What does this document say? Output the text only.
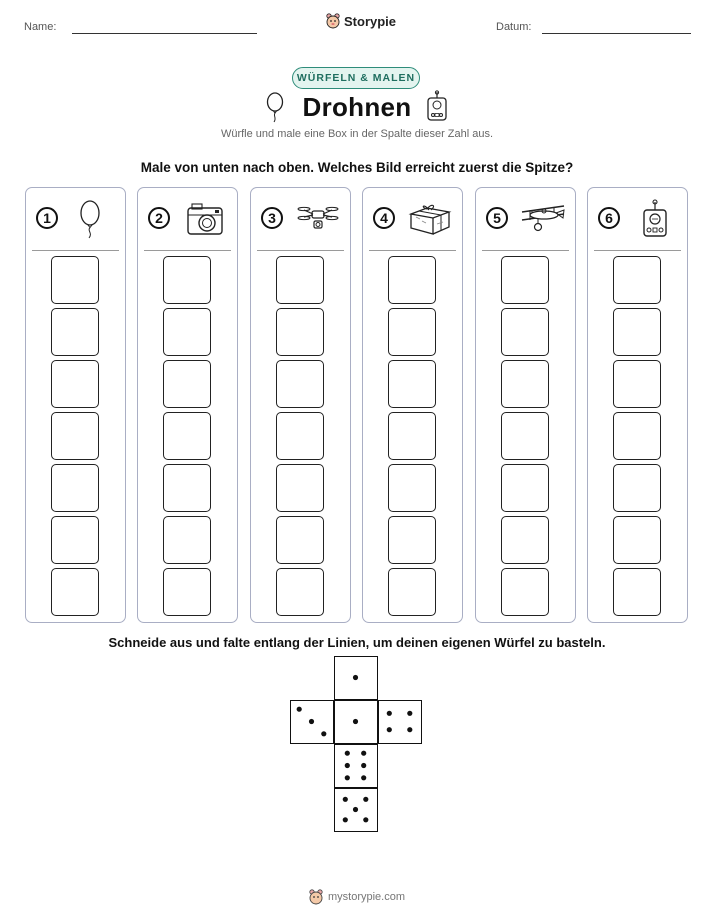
Name:	Storypie	Datum:
WÜRFELN & MALEN
Drohnen
Würfle und male eine Box in der Spalte dieser Zahl aus.
Male von unten nach oben. Welches Bild erreicht zuerst die Spitze?
1	2	3	4	5	6
Schneide aus und falte entlang der Linien, um deinen eigenen Würfel zu basteln.
mystorypie.com
